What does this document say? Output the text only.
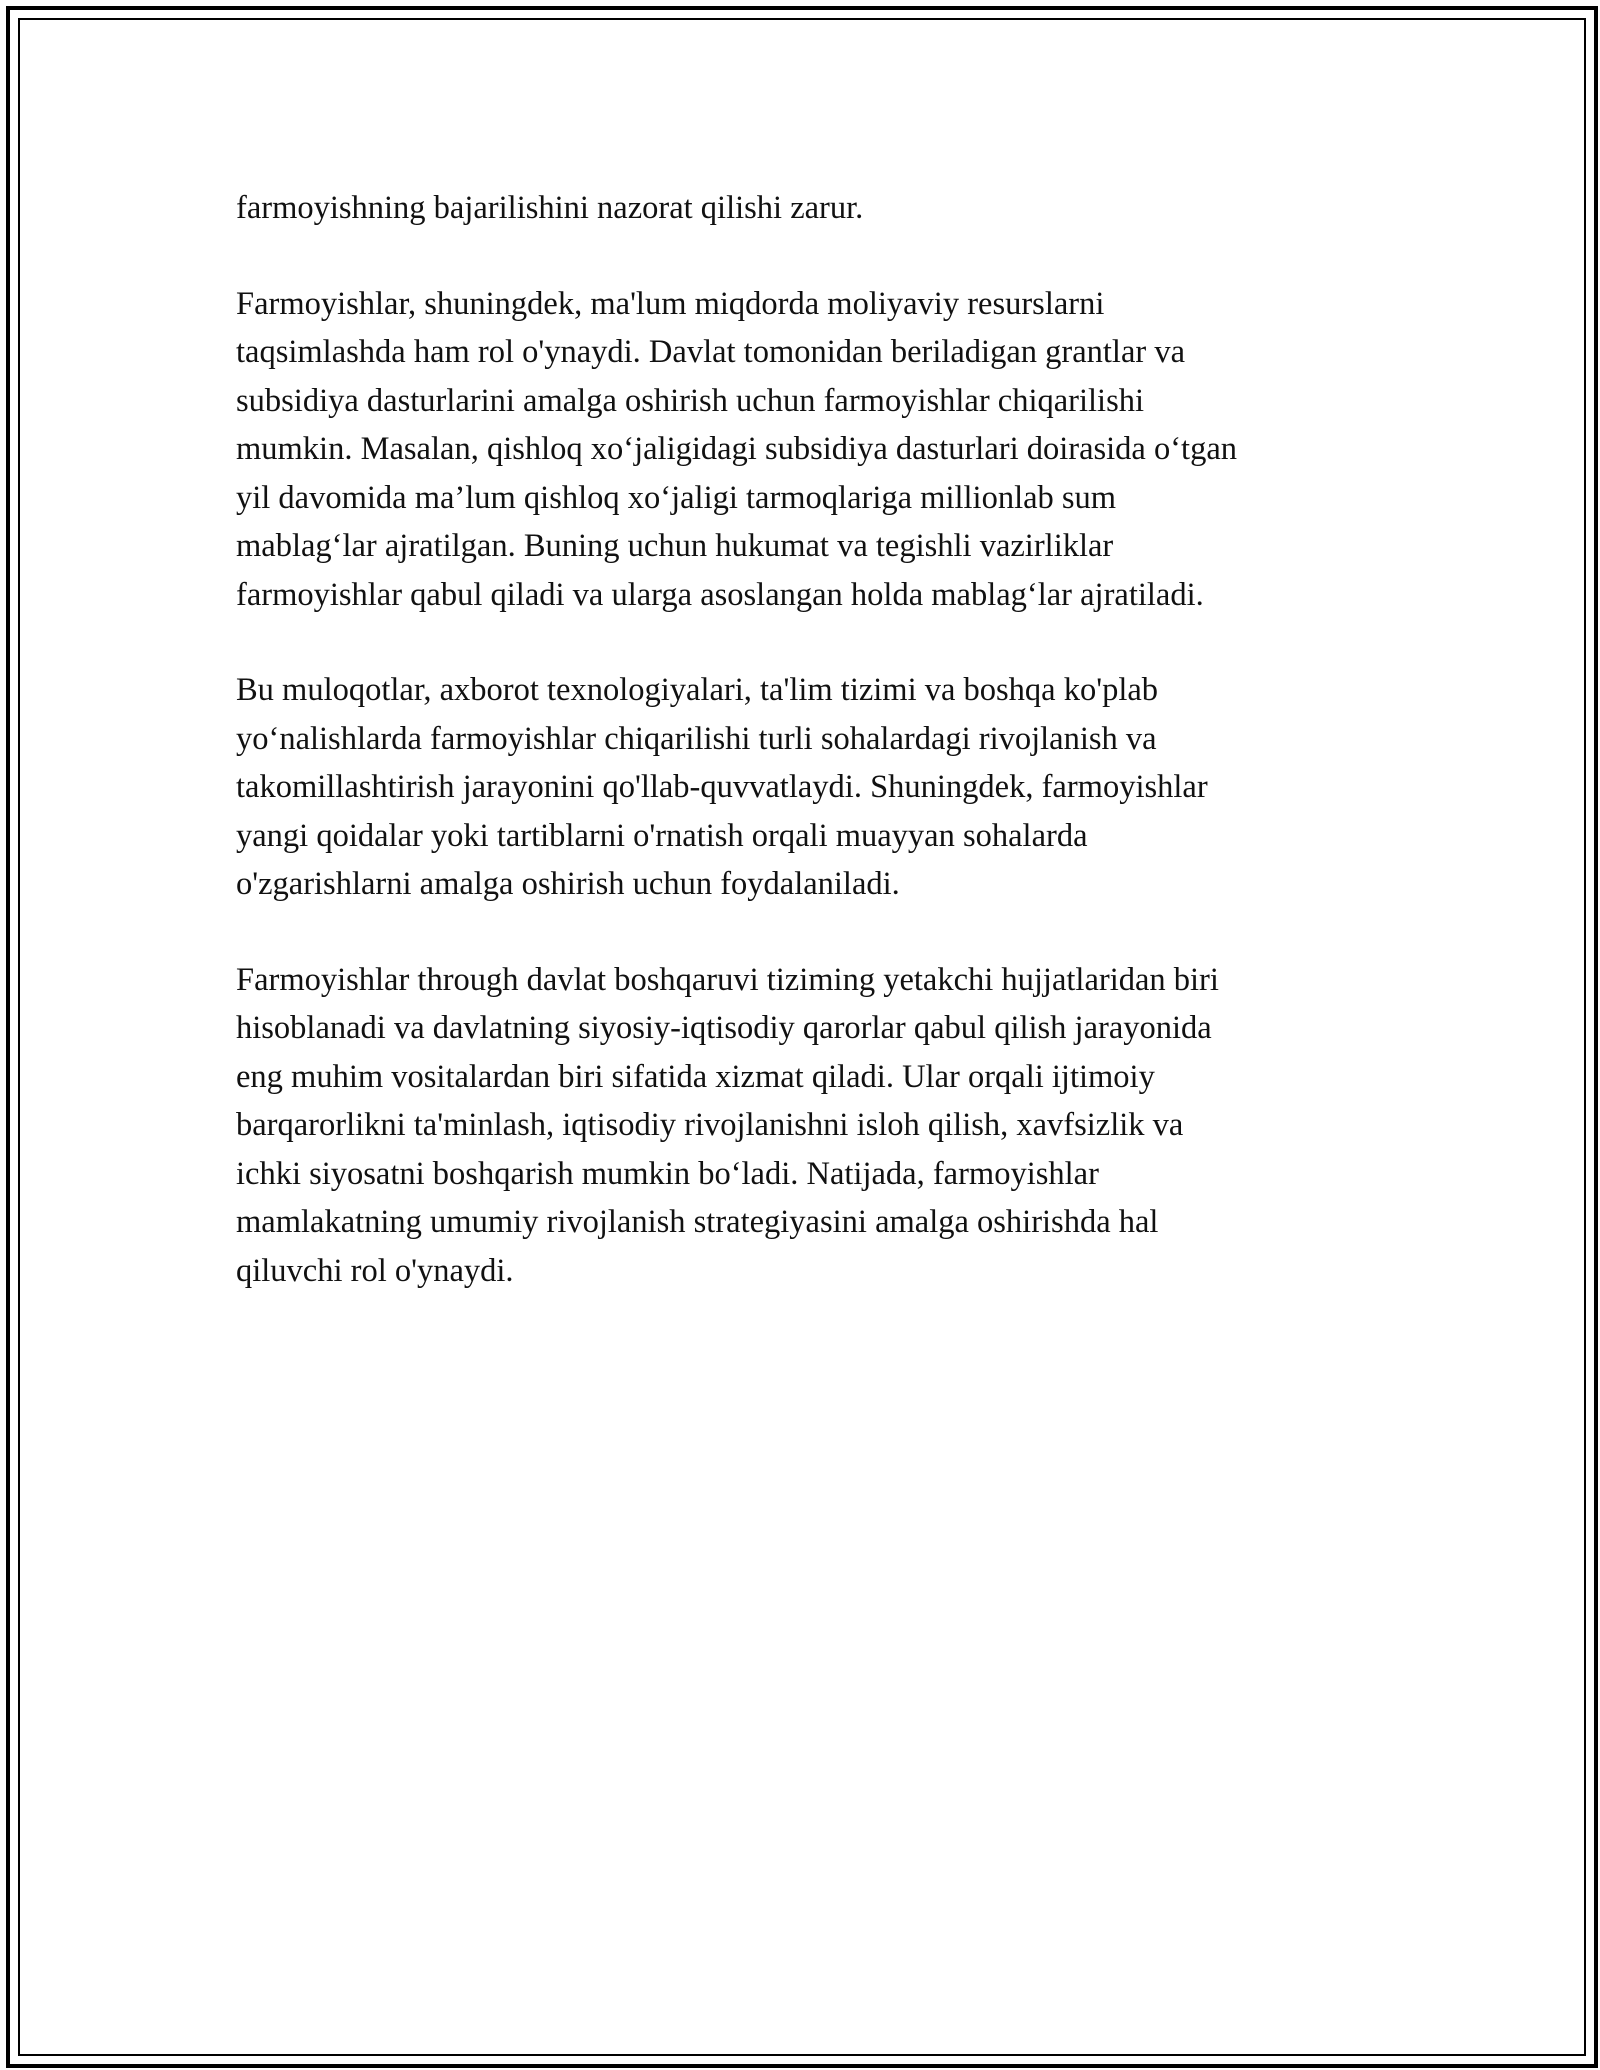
farmoyishning bajarilishini nazorat qilishi zarur.

Farmoyishlar, shuningdek, ma'lum miqdorda moliyaviy resurslarni
taqsimlashda ham rol o'ynaydi. Davlat tomonidan beriladigan grantlar va
subsidiya dasturlarini amalga oshirish uchun farmoyishlar chiqarilishi
mumkin. Masalan, qishloq xo‘jaligidagi subsidiya dasturlari doirasida o‘tgan
yil davomida ma’lum qishloq xo‘jaligi tarmoqlariga millionlab sum
mablag‘lar ajratilgan. Buning uchun hukumat va tegishli vazirliklar
farmoyishlar qabul qiladi va ularga asoslangan holda mablag‘lar ajratiladi.

Bu muloqotlar, axborot texnologiyalari, ta'lim tizimi va boshqa ko'plab
yo‘nalishlarda farmoyishlar chiqarilishi turli sohalardagi rivojlanish va
takomillashtirish jarayonini qo'llab-quvvatlaydi. Shuningdek, farmoyishlar
yangi qoidalar yoki tartiblarni o'rnatish orqali muayyan sohalarda
o'zgarishlarni amalga oshirish uchun foydalaniladi.

Farmoyishlar through davlat boshqaruvi tiziming yetakchi hujjatlaridan biri
hisoblanadi va davlatning siyosiy-iqtisodiy qarorlar qabul qilish jarayonida
eng muhim vositalardan biri sifatida xizmat qiladi. Ular orqali ijtimoiy
barqarorlikni ta'minlash, iqtisodiy rivojlanishni isloh qilish, xavfsizlik va
ichki siyosatni boshqarish mumkin bo‘ladi. Natijada, farmoyishlar
mamlakatning umumiy rivojlanish strategiyasini amalga oshirishda hal
qiluvchi rol o'ynaydi.
